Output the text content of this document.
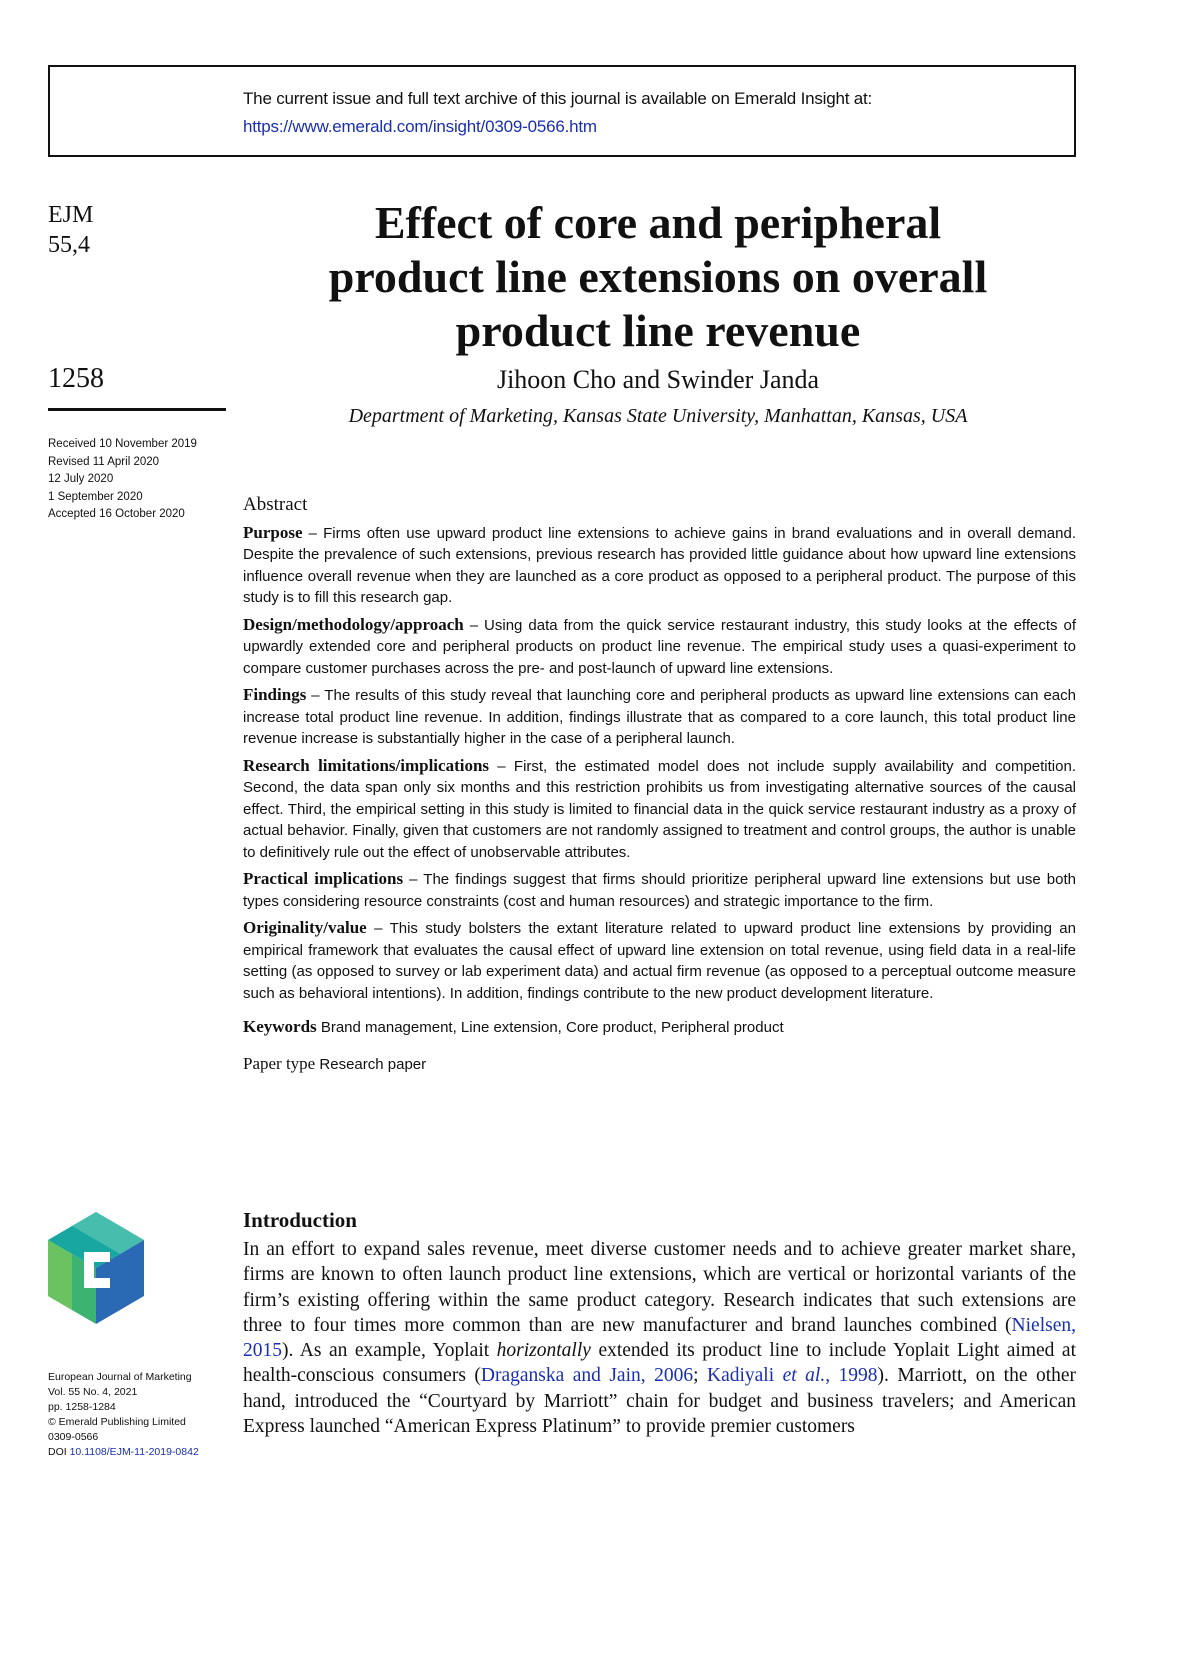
The current issue and full text archive of this journal is available on Emerald Insight at:
https://www.emerald.com/insight/0309-0566.htm
EJM
55,4
1258
Received 10 November 2019
Revised 11 April 2020
12 July 2020
1 September 2020
Accepted 16 October 2020
Effect of core and peripheral
product line extensions on overall
product line revenue
Jihoon Cho and Swinder Janda
Department of Marketing, Kansas State University, Manhattan, Kansas, USA
Abstract

Purpose – Firms often use upward product line extensions to achieve gains in brand evaluations and in overall demand. Despite the prevalence of such extensions, previous research has provided little guidance about how upward line extensions influence overall revenue when they are launched as a core product as opposed to a peripheral product. The purpose of this study is to fill this research gap.

Design/methodology/approach – Using data from the quick service restaurant industry, this study looks at the effects of upwardly extended core and peripheral products on product line revenue. The empirical study uses a quasi-experiment to compare customer purchases across the pre- and post-launch of upward line extensions.

Findings – The results of this study reveal that launching core and peripheral products as upward line extensions can each increase total product line revenue. In addition, findings illustrate that as compared to a core launch, this total product line revenue increase is substantially higher in the case of a peripheral launch.

Research limitations/implications – First, the estimated model does not include supply availability and competition. Second, the data span only six months and this restriction prohibits us from investigating alternative sources of the causal effect. Third, the empirical setting in this study is limited to financial data in the quick service restaurant industry as a proxy of actual behavior. Finally, given that customers are not randomly assigned to treatment and control groups, the author is unable to definitively rule out the effect of unobservable attributes.

Practical implications – The findings suggest that firms should prioritize peripheral upward line extensions but use both types considering resource constraints (cost and human resources) and strategic importance to the firm.

Originality/value – This study bolsters the extant literature related to upward product line extensions by providing an empirical framework that evaluates the causal effect of upward line extension on total revenue, using field data in a real-life setting (as opposed to survey or lab experiment data) and actual firm revenue (as opposed to a perceptual outcome measure such as behavioral intentions). In addition, findings contribute to the new product development literature.

Keywords Brand management, Line extension, Core product, Peripheral product

Paper type Research paper

European Journal of Marketing
Vol. 55 No. 4, 2021
pp. 1258-1284
© Emerald Publishing Limited
0309-0566
DOI 10.1108/EJM-11-2019-0842
Introduction

In an effort to expand sales revenue, meet diverse customer needs and to achieve greater market share, firms are known to often launch product line extensions, which are vertical or horizontal variants of the firm’s existing offering within the same product category. Research indicates that such extensions are three to four times more common than are new manufacturer and brand launches combined (Nielsen, 2015). As an example, Yoplait horizontally extended its product line to include Yoplait Light aimed at health-conscious consumers (Draganska and Jain, 2006; Kadiyali et al., 1998). Marriott, on the other hand, introduced the “Courtyard by Marriott” chain for budget and business travelers; and American Express launched “American Express Platinum” to provide premier customers
